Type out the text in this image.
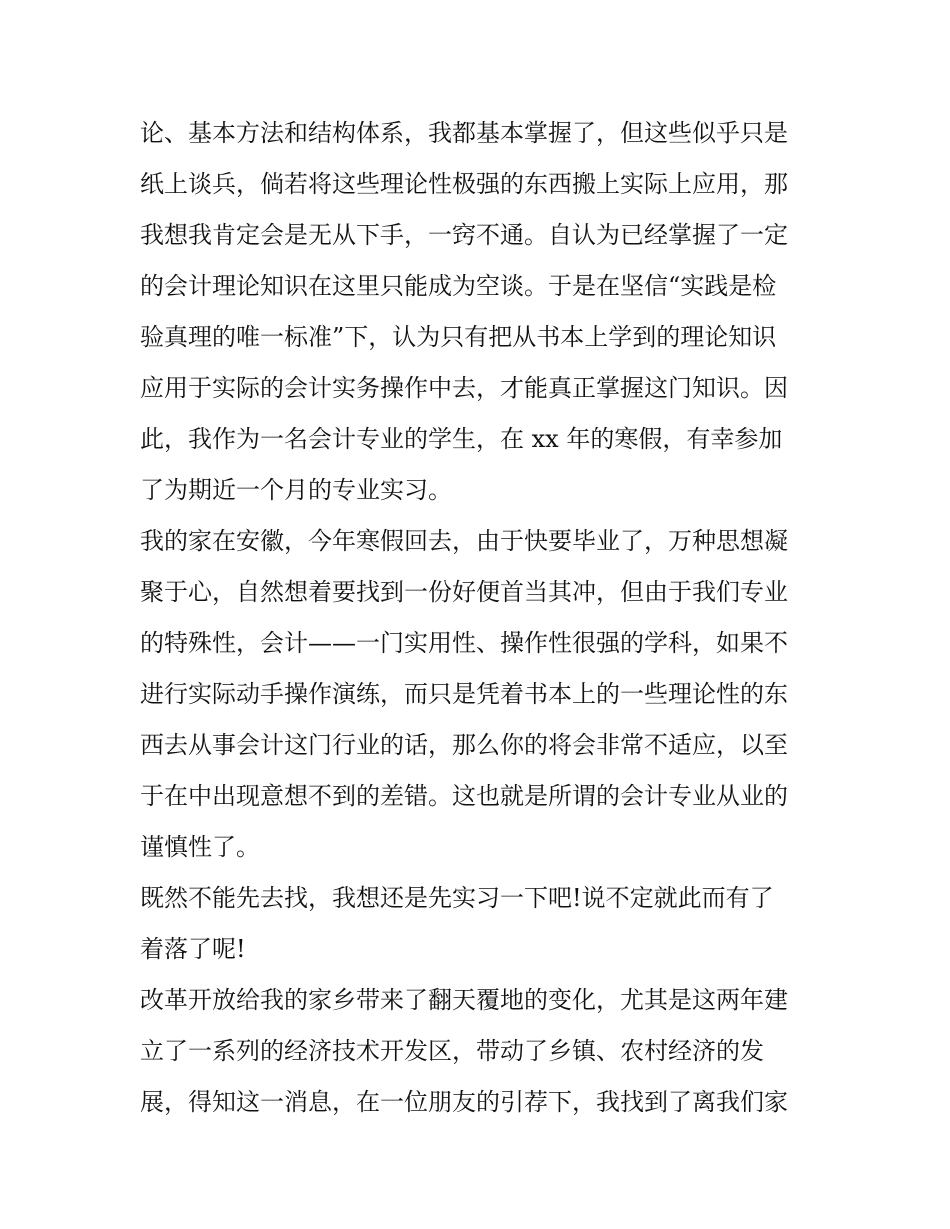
论、基本方法和结构体系，我都基本掌握了，但这些似乎只是
纸上谈兵，倘若将这些理论性极强的东西搬上实际上应用，那
我想我肯定会是无从下手，一窍不通。自认为已经掌握了一定
的会计理论知识在这里只能成为空谈。于是在坚信“实践是检
验真理的唯一标准”下，认为只有把从书本上学到的理论知识
应用于实际的会计实务操作中去，才能真正掌握这门知识。因
此，我作为一名会计专业的学生，在 xx 年的寒假，有幸参加
了为期近一个月的专业实习。
我的家在安徽，今年寒假回去，由于快要毕业了，万种思想凝
聚于心，自然想着要找到一份好便首当其冲，但由于我们专业
的特殊性，会计——一门实用性、操作性很强的学科，如果不
进行实际动手操作演练，而只是凭着书本上的一些理论性的东
西去从事会计这门行业的话，那么你的将会非常不适应，以至
于在中出现意想不到的差错。这也就是所谓的会计专业从业的
谨慎性了。
既然不能先去找，我想还是先实习一下吧!说不定就此而有了
着落了呢!
改革开放给我的家乡带来了翻天覆地的变化，尤其是这两年建
立了一系列的经济技术开发区，带动了乡镇、农村经济的发
展，得知这一消息，在一位朋友的引荐下，我找到了离我们家
